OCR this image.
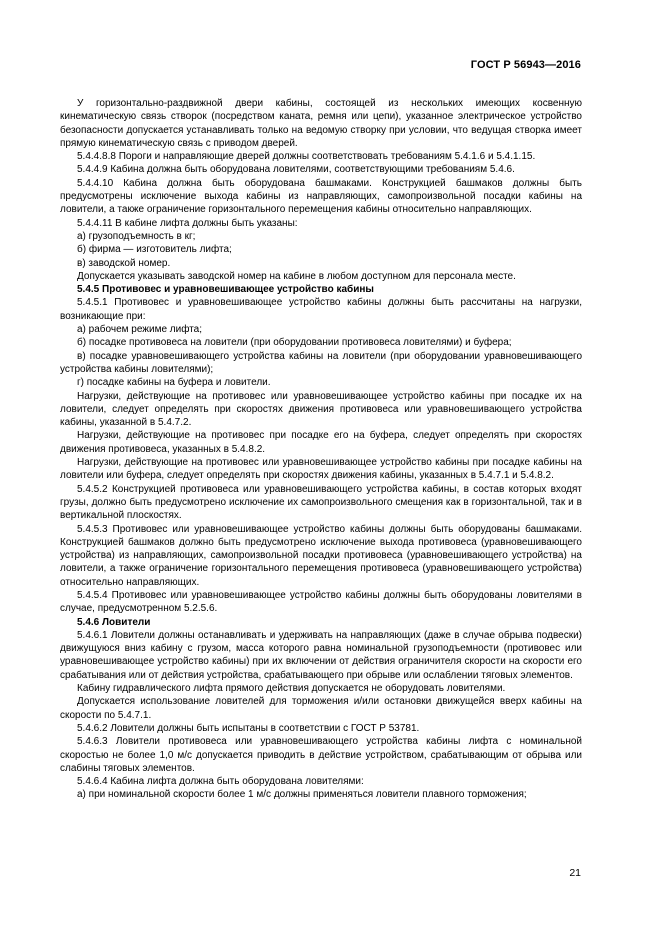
ГОСТ Р 56943—2016

У горизонтально-раздвижной двери кабины, состоящей из нескольких имеющих косвенную кинематическую связь створок (посредством каната, ремня или цепи), указанное электрическое устройство безопасности допускается устанавливать только на ведомую створку при условии, что ведущая створка имеет прямую кинематическую связь с приводом дверей.

5.4.4.8.8 Пороги и направляющие дверей должны соответствовать требованиям 5.4.1.6 и 5.4.1.15.

5.4.4.9 Кабина должна быть оборудована ловителями, соответствующими требованиям 5.4.6.

5.4.4.10 Кабина должна быть оборудована башмаками. Конструкцией башмаков должны быть предусмотрены исключение выхода кабины из направляющих, самопроизвольной посадки кабины на ловители, а также ограничение горизонтального перемещения кабины относительно направляющих.

5.4.4.11 В кабине лифта должны быть указаны:

а) грузоподъемность в кг;

б) фирма — изготовитель лифта;

в) заводской номер.

Допускается указывать заводской номер на кабине в любом доступном для персонала месте.

5.4.5 Противовес и уравновешивающее устройство кабины

5.4.5.1 Противовес и уравновешивающее устройство кабины должны быть рассчитаны на нагрузки, возникающие при:

а) рабочем режиме лифта;

б) посадке противовеса на ловители (при оборудовании противовеса ловителями) и буфера;

в) посадке уравновешивающего устройства кабины на ловители (при оборудовании уравновешивающего устройства кабины ловителями);

г) посадке кабины на буфера и ловители.

Нагрузки, действующие на противовес или уравновешивающее устройство кабины при посадке их на ловители, следует определять при скоростях движения противовеса или уравновешивающего устройства кабины, указанной в 5.4.7.2.

Нагрузки, действующие на противовес при посадке его на буфера, следует определять при скоростях движения противовеса, указанных в 5.4.8.2.

Нагрузки, действующие на противовес или уравновешивающее устройство кабины при посадке кабины на ловители или буфера, следует определять при скоростях движения кабины, указанных в 5.4.7.1 и 5.4.8.2.

5.4.5.2 Конструкцией противовеса или уравновешивающего устройства кабины, в состав которых входят грузы, должно быть предусмотрено исключение их самопроизвольного смещения как в горизонтальной, так и в вертикальной плоскостях.

5.4.5.3 Противовес или уравновешивающее устройство кабины должны быть оборудованы башмаками. Конструкцией башмаков должно быть предусмотрено исключение выхода противовеса (уравновешивающего устройства) из направляющих, самопроизвольной посадки противовеса (уравновешивающего устройства) на ловители, а также ограничение горизонтального перемещения противовеса (уравновешивающего устройства) относительно направляющих.

5.4.5.4 Противовес или уравновешивающее устройство кабины должны быть оборудованы ловителями в случае, предусмотренном 5.2.5.6.

5.4.6 Ловители

5.4.6.1 Ловители должны останавливать и удерживать на направляющих (даже в случае обрыва подвески) движущуюся вниз кабину с грузом, масса которого равна номинальной грузоподъемности (противовес или уравновешивающее устройство кабины) при их включении от действия ограничителя скорости на скорости его срабатывания или от действия устройства, срабатывающего при обрыве или ослаблении тяговых элементов.

Кабину гидравлического лифта прямого действия допускается не оборудовать ловителями.

Допускается использование ловителей для торможения и/или остановки движущейся вверх кабины на скорости по 5.4.7.1.

5.4.6.2 Ловители должны быть испытаны в соответствии с ГОСТ Р 53781.

5.4.6.3 Ловители противовеса или уравновешивающего устройства кабины лифта с номинальной скоростью не более 1,0 м/с допускается приводить в действие устройством, срабатывающим от обрыва или слабины тяговых элементов.

5.4.6.4 Кабина лифта должна быть оборудована ловителями:

а) при номинальной скорости более 1 м/с должны применяться ловители плавного торможения;

21
